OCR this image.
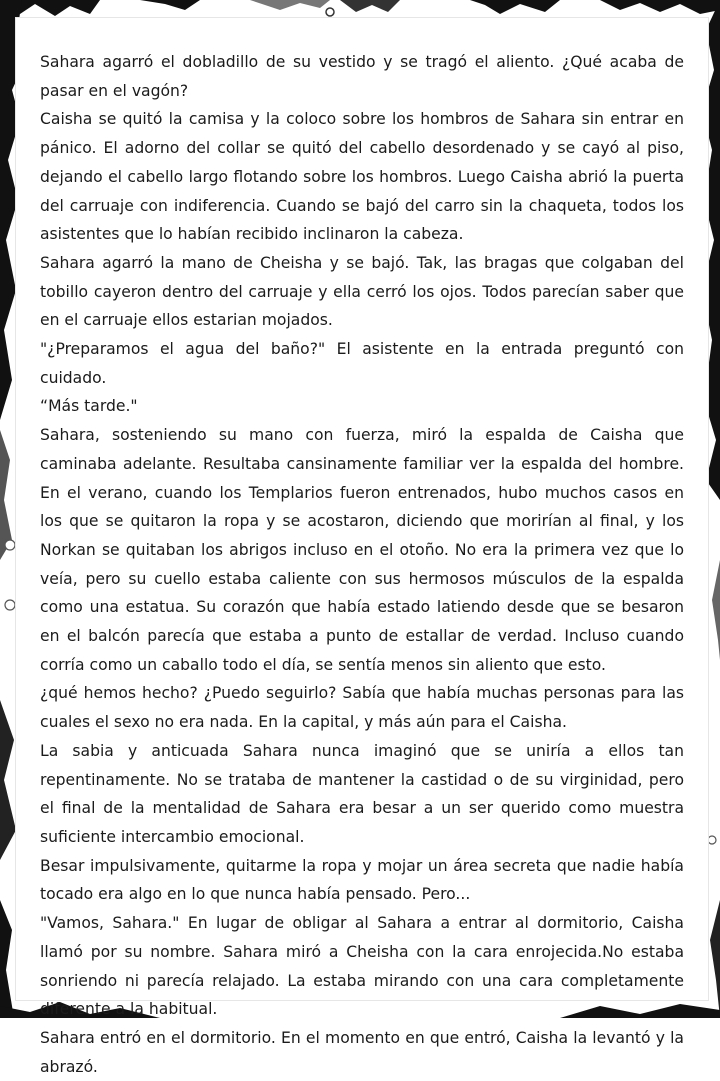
Sahara agarró el dobladillo de su vestido y se tragó el aliento. ¿Qué acaba de pasar en el vagón?

Caisha se quitó la camisa y la coloco sobre los hombros de Sahara sin entrar en pánico. El adorno del collar se quitó del cabello desordenado y se cayó al piso, dejando el cabello largo flotando sobre los hombros. Luego Caisha abrió la puerta del carruaje con indiferencia. Cuando se bajó del carro sin la chaqueta, todos los asistentes que lo habían recibido inclinaron la cabeza.

Sahara agarró la mano de Cheisha y se bajó. Tak, las bragas que colgaban del tobillo cayeron dentro del carruaje y ella cerró los ojos. Todos parecían saber que en el carruaje ellos estarian mojados.

"¿Preparamos el agua del baño?" El asistente en la entrada preguntó con cuidado.

“Más tarde."

Sahara, sosteniendo su mano con fuerza, miró la espalda de Caisha que caminaba adelante. Resultaba cansinamente familiar ver la espalda del hombre. En el verano, cuando los Templarios fueron entrenados, hubo muchos casos en los que se quitaron la ropa y se acostaron, diciendo que morirían al final, y los Norkan se quitaban los abrigos incluso en el otoño. No era la primera vez que lo veía, pero su cuello estaba caliente con sus hermosos músculos de la espalda como una estatua. Su corazón que había estado latiendo desde que se besaron en el balcón parecía que estaba a punto de estallar de verdad. Incluso cuando corría como un caballo todo el día, se sentía menos sin aliento que esto.

¿qué hemos hecho? ¿Puedo seguirlo? Sabía que había muchas personas para las cuales el sexo no era nada. En la capital, y más aún para el Caisha.

La sabia y anticuada Sahara nunca imaginó que se uniría a ellos tan repentinamente. No se trataba de mantener la castidad o de su virginidad, pero el final de la mentalidad de Sahara era besar a un ser querido como muestra suficiente intercambio emocional.

Besar impulsivamente, quitarme la ropa y mojar un área secreta que nadie había tocado era algo en lo que nunca había pensado. Pero...

"Vamos, Sahara." En lugar de obligar al Sahara a entrar al dormitorio, Caisha llamó por su nombre. Sahara miró a Cheisha con la cara enrojecida.No estaba sonriendo ni parecía relajado. La estaba mirando con una cara completamente diferente a la habitual.

Sahara entró en el dormitorio. En el momento en que entró, Caisha la levantó y la abrazó.
